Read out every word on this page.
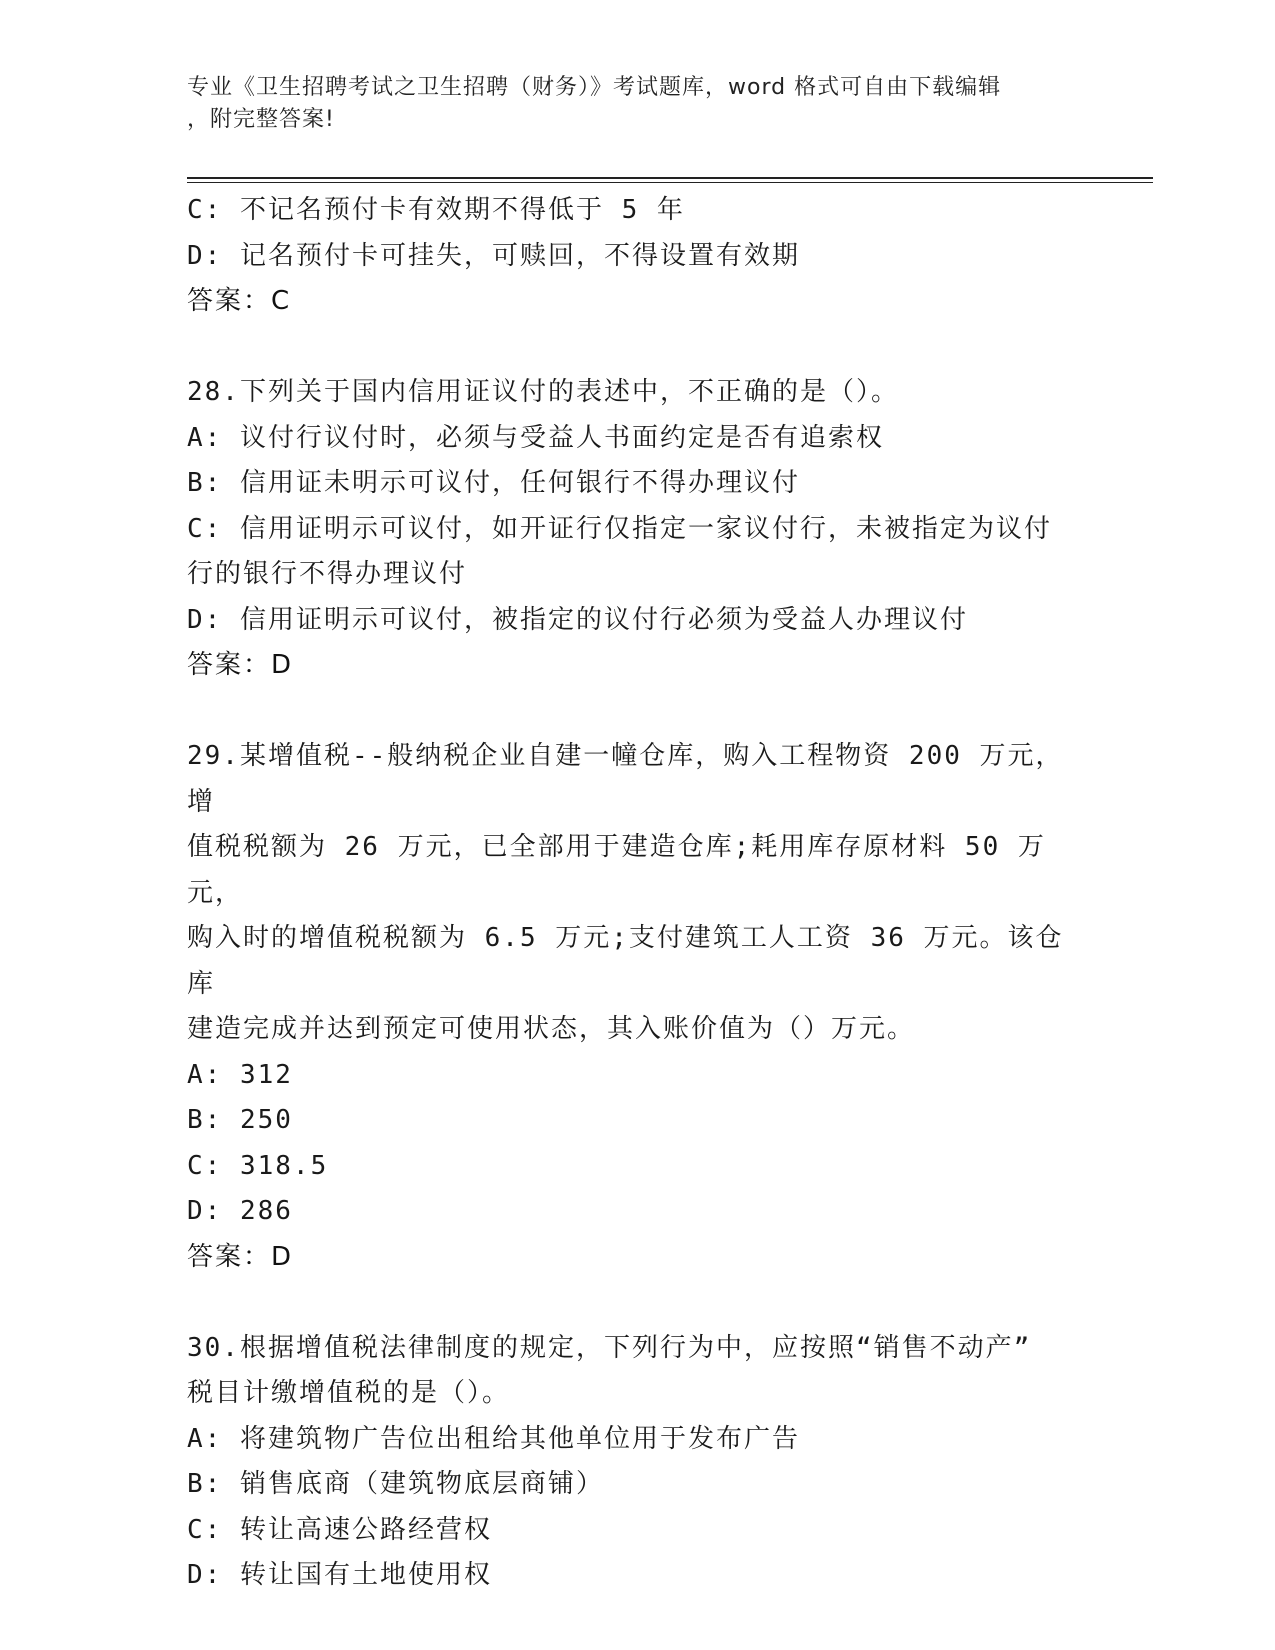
专业《卫生招聘考试之卫生招聘（财务）》考试题库，word 格式可自由下载编辑
，附完整答案!
C: 不记名预付卡有效期不得低于 5 年
D: 记名预付卡可挂失，可赎回，不得设置有效期
答案：C
28.下列关于国内信用证议付的表述中，不正确的是（）。
A: 议付行议付时，必须与受益人书面约定是否有追索权
B: 信用证未明示可议付，任何银行不得办理议付
C: 信用证明示可议付，如开证行仅指定一家议付行，未被指定为议付
行的银行不得办理议付
D: 信用证明示可议付，被指定的议付行必须为受益人办理议付
答案：D
29.某增值税--般纳税企业自建一幢仓库，购入工程物资 200 万元，增
值税税额为 26 万元，已全部用于建造仓库;耗用库存原材料 50 万元，
购入时的增值税税额为 6.5 万元;支付建筑工人工资 36 万元。该仓库
建造完成并达到预定可使用状态，其入账价值为（）万元。
A: 312
B: 250
C: 318.5
D: 286
答案：D
30.根据增值税法律制度的规定，下列行为中，应按照“销售不动产”
税目计缴增值税的是（）。
A: 将建筑物广告位出租给其他单位用于发布广告
B: 销售底商（建筑物底层商铺）
C: 转让高速公路经营权
D: 转让国有土地使用权
